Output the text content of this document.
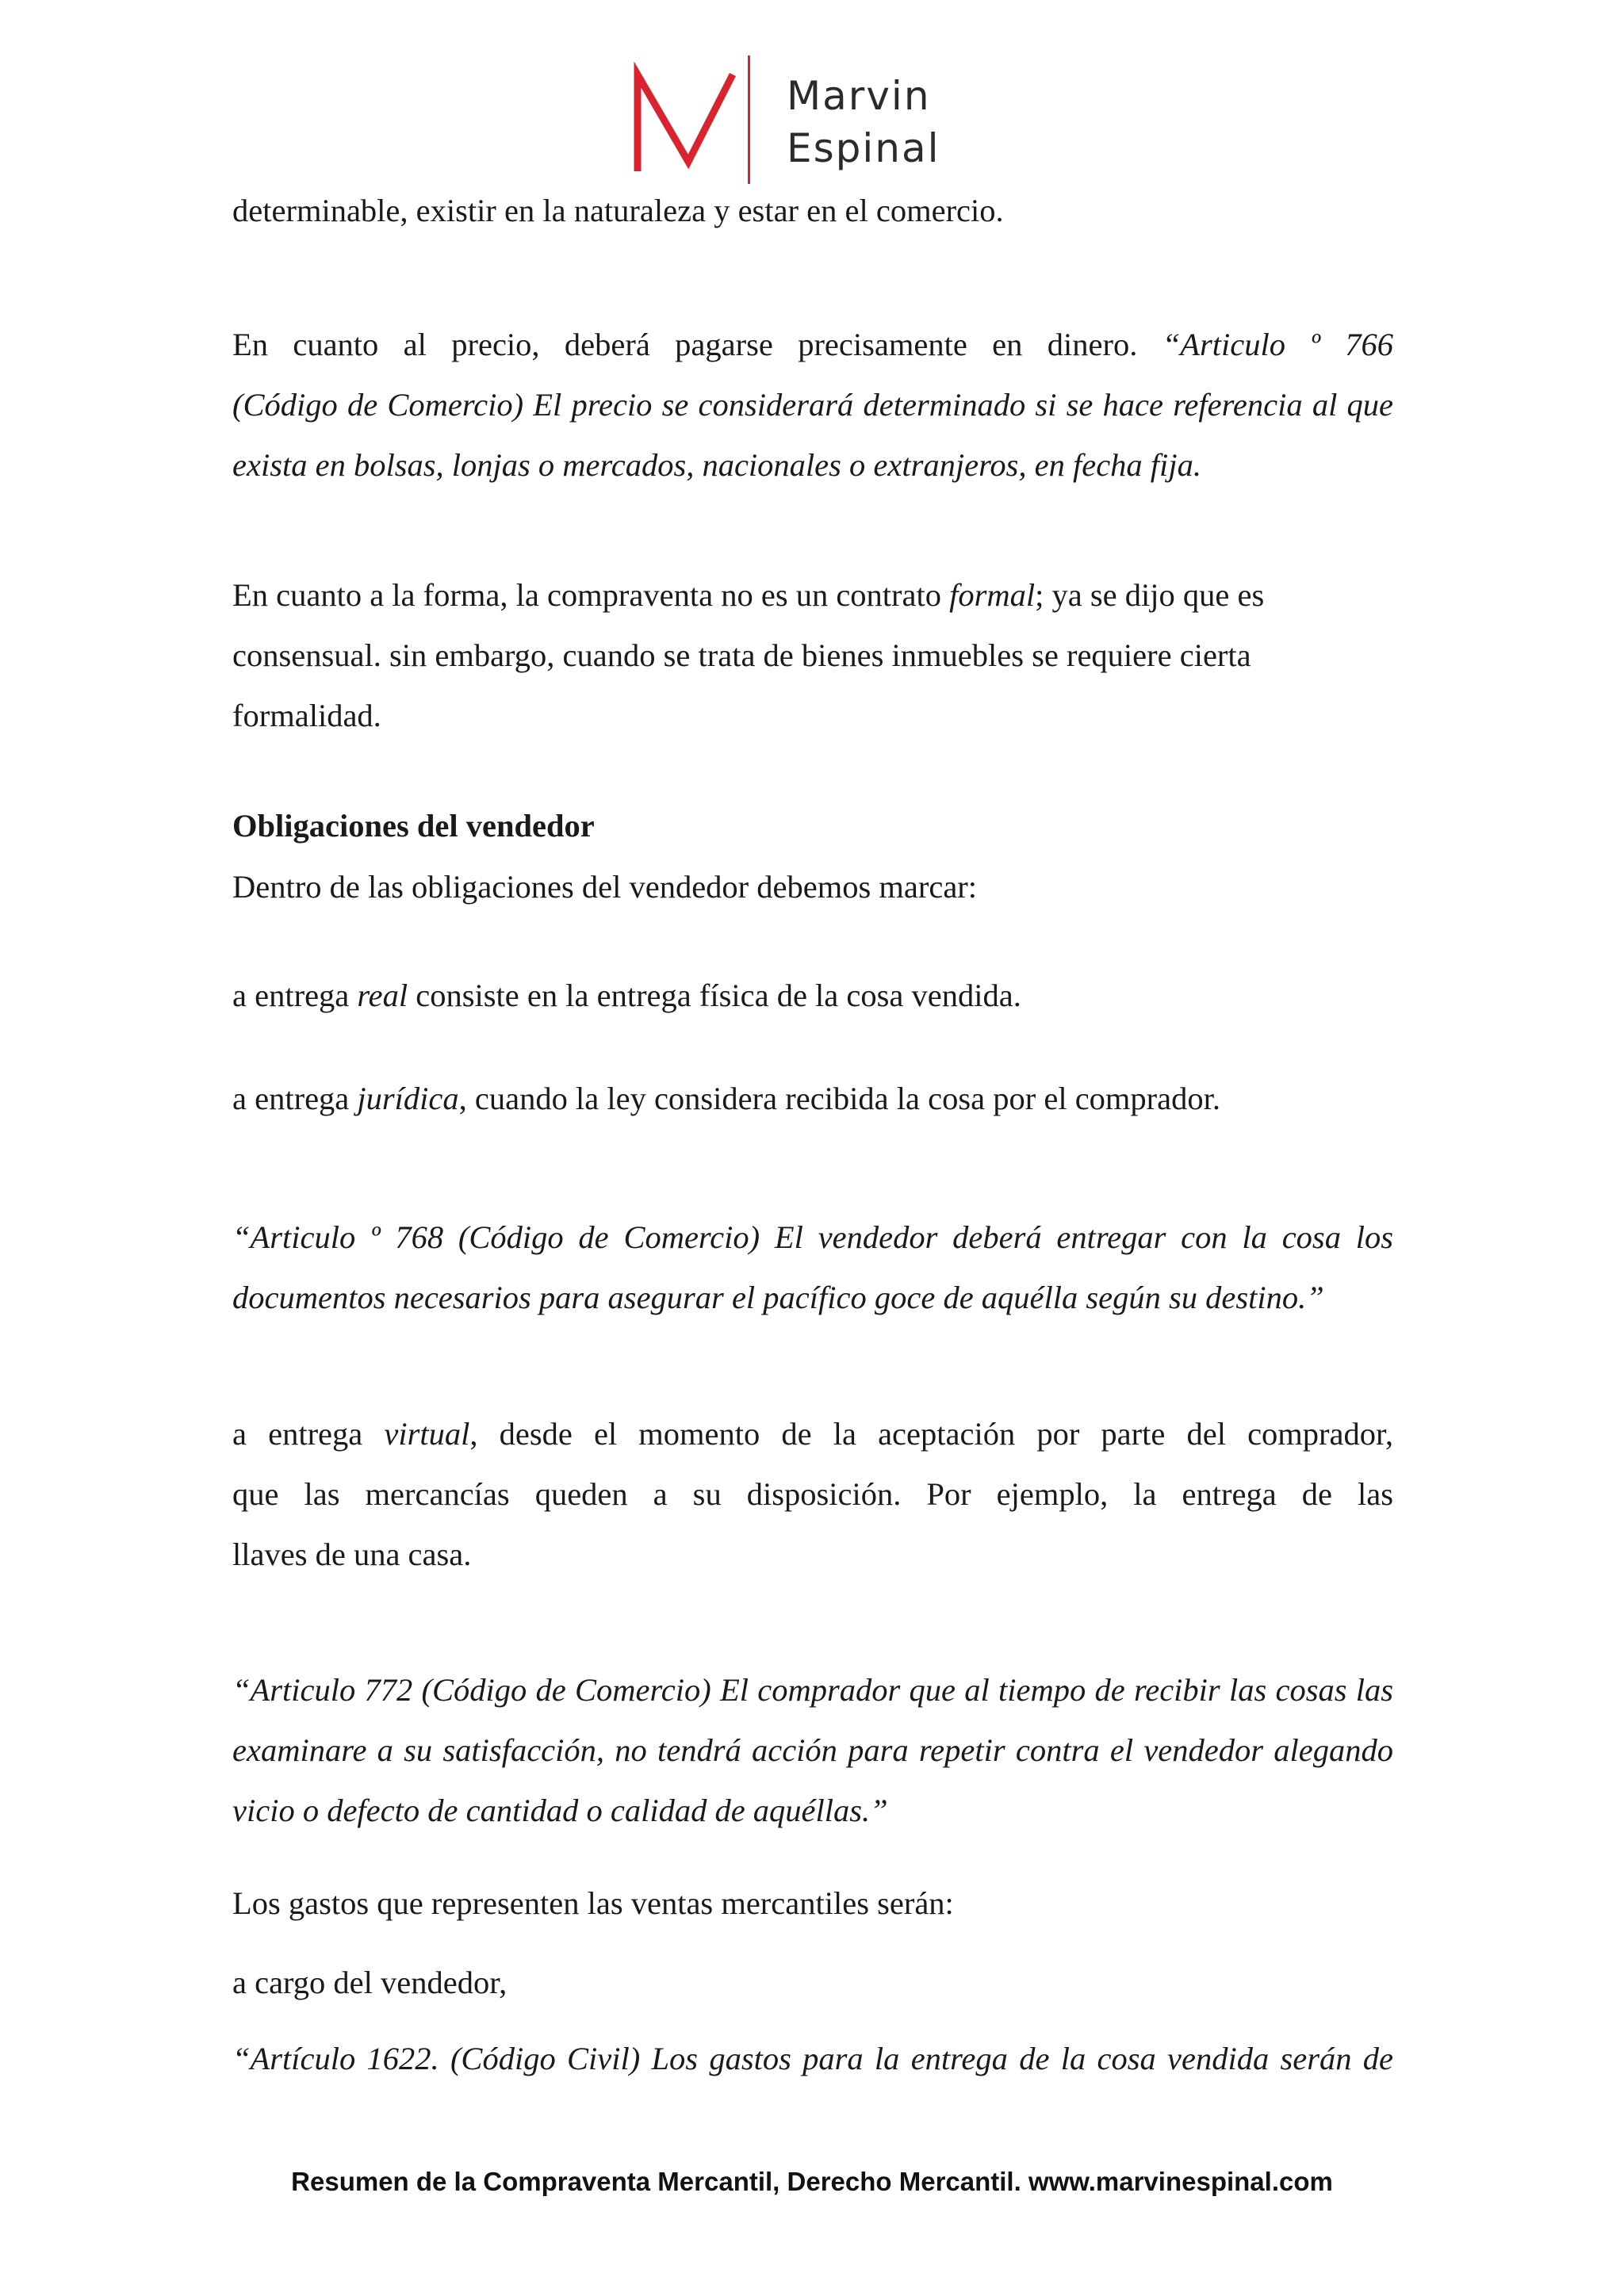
Marvin
Espinal
determinable, existir en la naturaleza y estar en el comercio.
En cuanto al precio, deberá pagarse precisamente en dinero. “Articulo º 766
(Código de Comercio) El precio se considerará determinado si se hace referencia al que
exista en bolsas, lonjas o mercados, nacionales o extranjeros, en fecha fija.
En cuanto a la forma, la compraventa no es un contrato formal; ya se dijo que es
consensual. sin embargo, cuando se trata de bienes inmuebles se requiere cierta
formalidad.
Obligaciones del vendedor
Dentro de las obligaciones del vendedor debemos marcar:
a entrega real consiste en la entrega física de la cosa vendida.
a entrega jurídica, cuando la ley considera recibida la cosa por el comprador.
“Articulo º 768 (Código de Comercio) El vendedor deberá entregar con la cosa los
documentos necesarios para asegurar el pacífico goce de aquélla según su destino.”
a entrega virtual, desde el momento de la aceptación por parte del comprador,
que las mercancías queden a su disposición. Por ejemplo, la entrega de las
llaves de una casa.
“Articulo 772 (Código de Comercio) El comprador que al tiempo de recibir las cosas las
examinare a su satisfacción, no tendrá acción para repetir contra el vendedor alegando
vicio o defecto de cantidad o calidad de aquéllas.”
Los gastos que representen las ventas mercantiles serán:
a cargo del vendedor,
“Artículo 1622. (Código Civil) Los gastos para la entrega de la cosa vendida serán de
Resumen de la Compraventa Mercantil, Derecho Mercantil. www.marvinespinal.com
